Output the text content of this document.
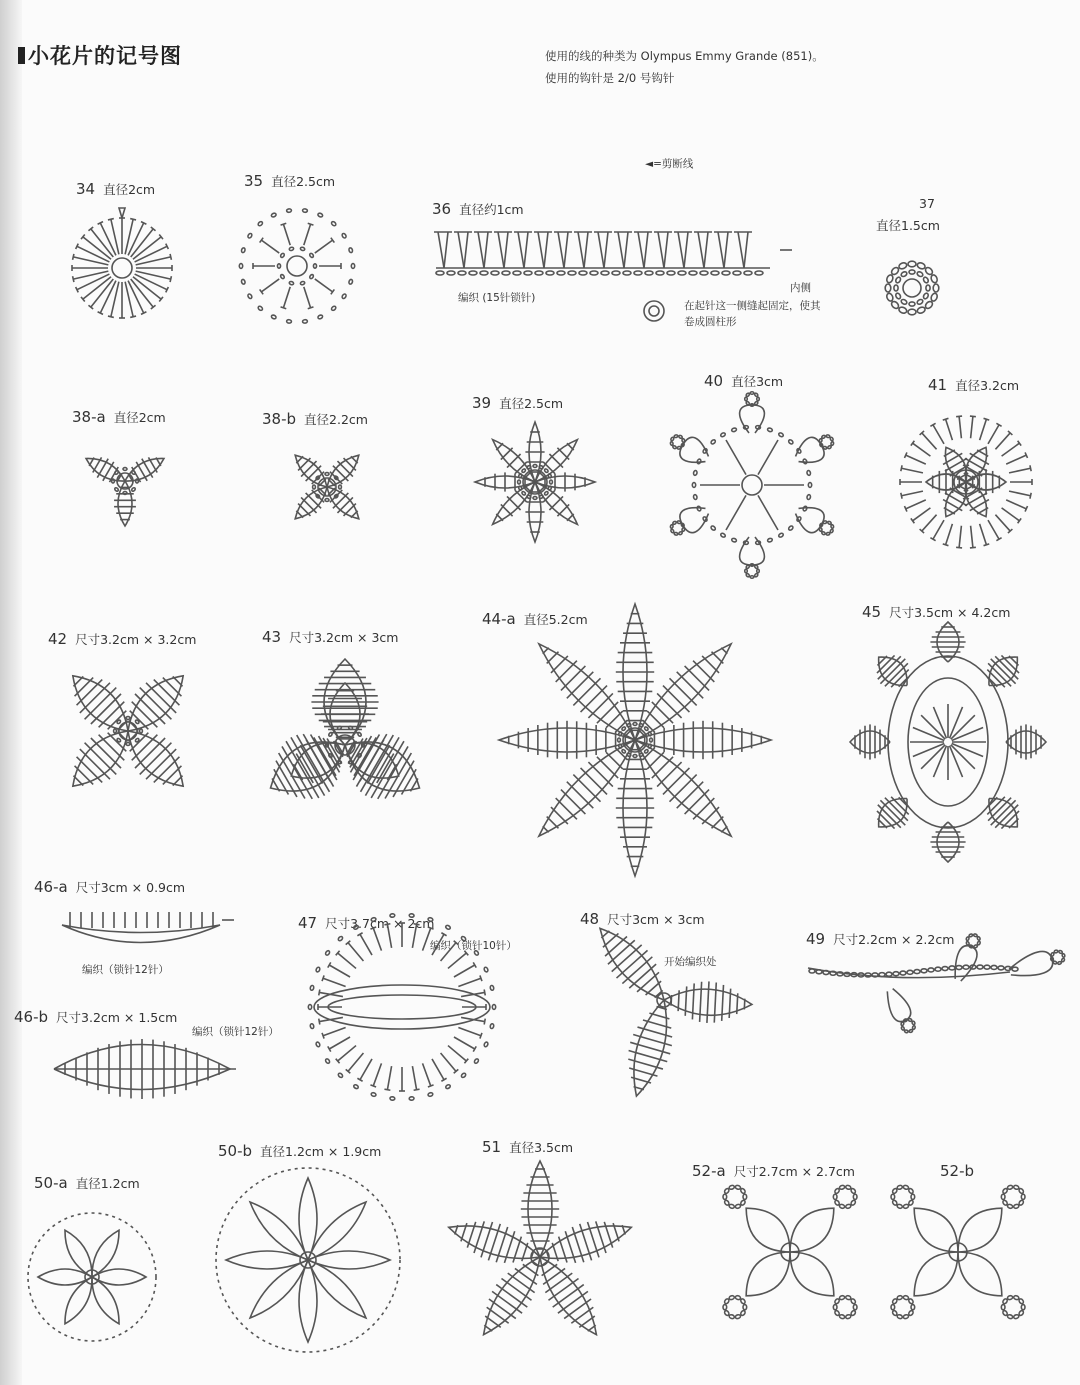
小花片的记号图	使用的线的种类为 Olympus Emmy Grande (851)。
使用的钩针是 2/0 号钩针
◄=剪断线
34 直径2cm	35 直径2.5cm
36 直径约1cm
编织 (15针锁针)
内侧
在起针这一侧缝起固定，使其卷成圆柱形
37
直径1.5cm
38-a 直径2cm	38-b 直径2.2cm
39 直径2.5cm
40 直径3cm	41 直径3.2cm
42 尺寸3.2cm × 3.2cm	43 尺寸3.2cm × 3cm
44-a 直径5.2cm	45 尺寸3.5cm × 4.2cm
46-a 尺寸3cm × 0.9cm
编织（锁针12针）
46-b 尺寸3.2cm × 1.5cm
编织（锁针12针）
47 尺寸3.7cm × 2cm
编织（锁针10针）
48 尺寸3cm × 3cm
开始编织处
49 尺寸2.2cm × 2.2cm
50-a 直径1.2cm
50-b 直径1.2cm × 1.9cm	51 直径3.5cm
52-a 尺寸2.7cm × 2.7cm	52-b
